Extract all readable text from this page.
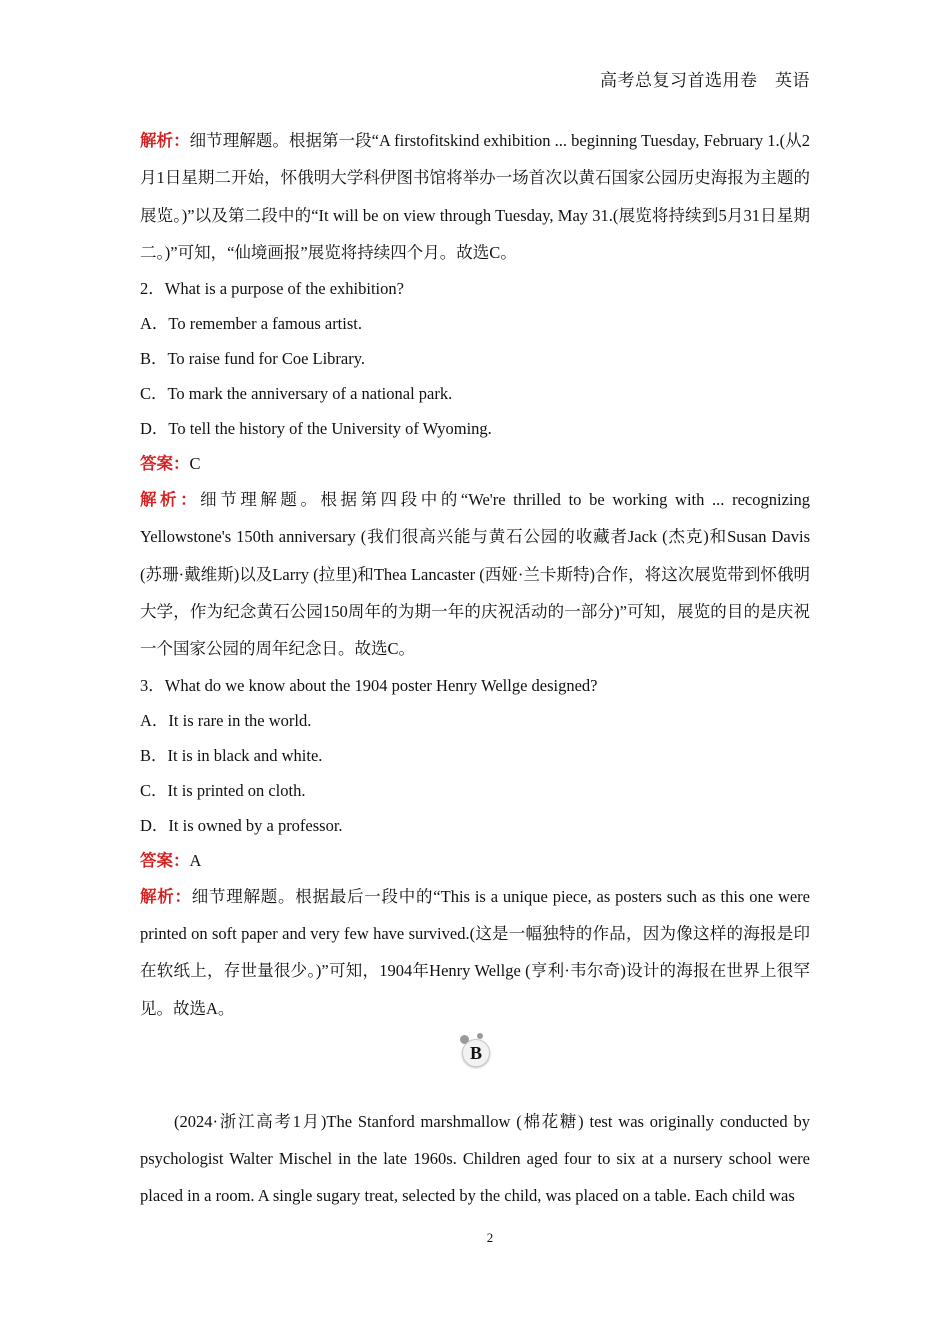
高考总复习首选用卷　英语

解析：细节理解题。根据第一段“A firstofitskind exhibition ... beginning Tuesday, February 1.(从2月1日星期二开始，怀俄明大学科伊图书馆将举办一场首次以黄石国家公园历史海报为主题的展览。)”以及第二段中的“It will be on view through Tuesday, May 31.(展览将持续到5月31日星期二。)”可知，“仙境画报”展览将持续四个月。故选C。

2．What is a purpose of the exhibition?

A．To remember a famous artist.

B．To raise fund for Coe Library.

C．To mark the anniversary of a national park.

D．To tell the history of the University of Wyoming.

答案：C

解析：细节理解题。根据第四段中的“We're thrilled to be working with ... recognizing Yellowstone's 150th anniversary (我们很高兴能与黄石公园的收藏者Jack (杰克)和Susan Davis (苏珊·戴维斯)以及Larry (拉里)和Thea Lancaster (西娅·兰卡斯特)合作，将这次展览带到怀俄明大学，作为纪念黄石公园150周年的为期一年的庆祝活动的一部分)”可知，展览的目的是庆祝一个国家公园的周年纪念日。故选C。

3．What do we know about the 1904 poster Henry Wellge designed?

A．It is rare in the world.

B．It is in black and white.

C．It is printed on cloth.

D．It is owned by a professor.

答案：A

解析：细节理解题。根据最后一段中的“This is a unique piece, as posters such as this one were printed on soft paper and very few have survived.(这是一幅独特的作品，因为像这样的海报是印在软纸上，存世量很少。)”可知，1904年Henry Wellge (亨利·韦尔奇)设计的海报在世界上很罕见。故选A。

B

(2024·浙江高考1月)The Stanford marshmallow (棉花糖) test was originally conducted by psychologist Walter Mischel in the late 1960s. Children aged four to six at a nursery school were placed in a room. A single sugary treat, selected by the child, was placed on a table. Each child was

2
